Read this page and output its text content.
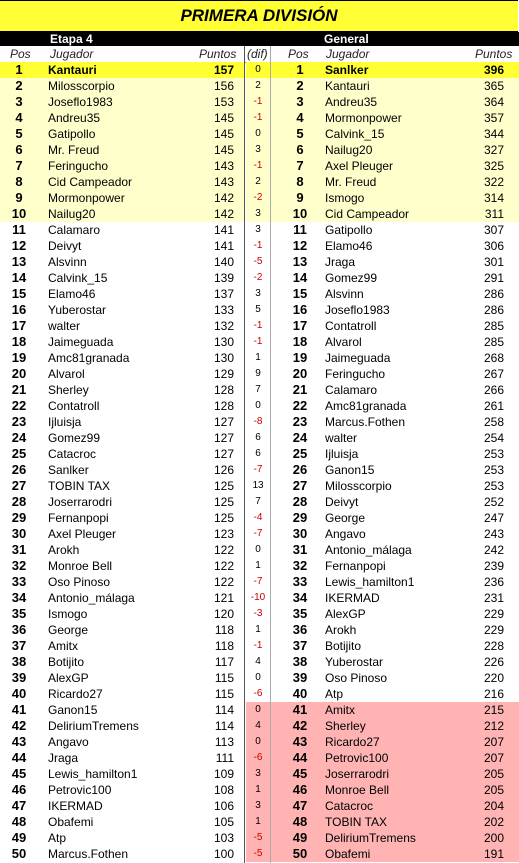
PRIMERA DIVISIÓN
Etapa 4	General
Pos Jugador	Puntos (dif) Pos Jugador	Puntos
1	Kantauri	157	0	1	Sanlker	396
2	Milosscorpio	156	2	2	Kantauri	365
3	Joseflo1983	153	-1	3	Andreu35	364
4	Andreu35	145	-1	4	Mormonpower	357
5	Gatipollo	145	0	5	Calvink_15	344
6	Mr. Freud	145	3	6	Nailug20	327
7	Feringucho	143	-1	7	Axel Pleuger	325
8	Cid Campeador	143	2	8	Mr. Freud	322
9	Mormonpower	142	-2	9	Ismogo	314
10	Nailug20	142	3	10	Cid Campeador	311
11	Calamaro	141	3	11	Gatipollo	307
12	Deivyt	141	-1	12	Elamo46	306
13	Alsvinn	140	-5	13	Jraga	301
14	Calvink_15	139	-2	14	Gomez99	291
15	Elamo46	137	3	15	Alsvinn	286
16	Yuberostar	133	5	16	Joseflo1983	286
17	walter	132	-1	17	Contatroll	285
18	Jaimeguada	130	-1	18	Alvarol	285
19	Amc81granada	130	1	19	Jaimeguada	268
20	Alvarol	129	9	20	Feringucho	267
21	Sherley	128	7	21	Calamaro	266
22	Contatroll	128	0	22	Amc81granada	261
23	Ijluisja	127	-8	23	Marcus.Fothen	258
24	Gomez99	127	6	24	walter	254
25	Catacroc	127	6	25	Ijluisja	253
26	Sanlker	126	-7	26	Ganon15	253
27	TOBIN TAX	125	13	27	Milosscorpio	253
28	Joserrarodri	125	7	28	Deivyt	252
29	Fernanpopi	125	-4	29	George	247
30	Axel Pleuger	123	-7	30	Angavo	243
31	Arokh	122	0	31	Antonio_málaga	242
32	Monroe Bell	122	1	32	Fernanpopi	239
33	Oso Pinoso	122	-7	33	Lewis_hamilton1	236
34	Antonio_málaga	121	-10	34	IKERMAD	231
35	Ismogo	120	-3	35	AlexGP	229
36	George	118	1	36	Arokh	229
37	Amitx	118	-1	37	Botijito	228
38	Botijito	117	4	38	Yuberostar	226
39	AlexGP	115	0	39	Oso Pinoso	220
40	Ricardo27	115	-6	40	Atp	216
41	Ganon15	114	0	41	Amitx	215
42	DeliriumTremens	114	4	42	Sherley	212
43	Angavo	113	0	43	Ricardo27	207
44	Jraga	111	-6	44	Petrovic100	207
45	Lewis_hamilton1	109	3	45	Joserrarodri	205
46	Petrovic100	108	1	46	Monroe Bell	205
47	IKERMAD	106	3	47	Catacroc	204
48	Obafemi	105	1	48	TOBIN TAX	202
49	Atp	103	-5	49	DeliriumTremens	200
50	Marcus.Fothen	100	-5	50	Obafemi	191
